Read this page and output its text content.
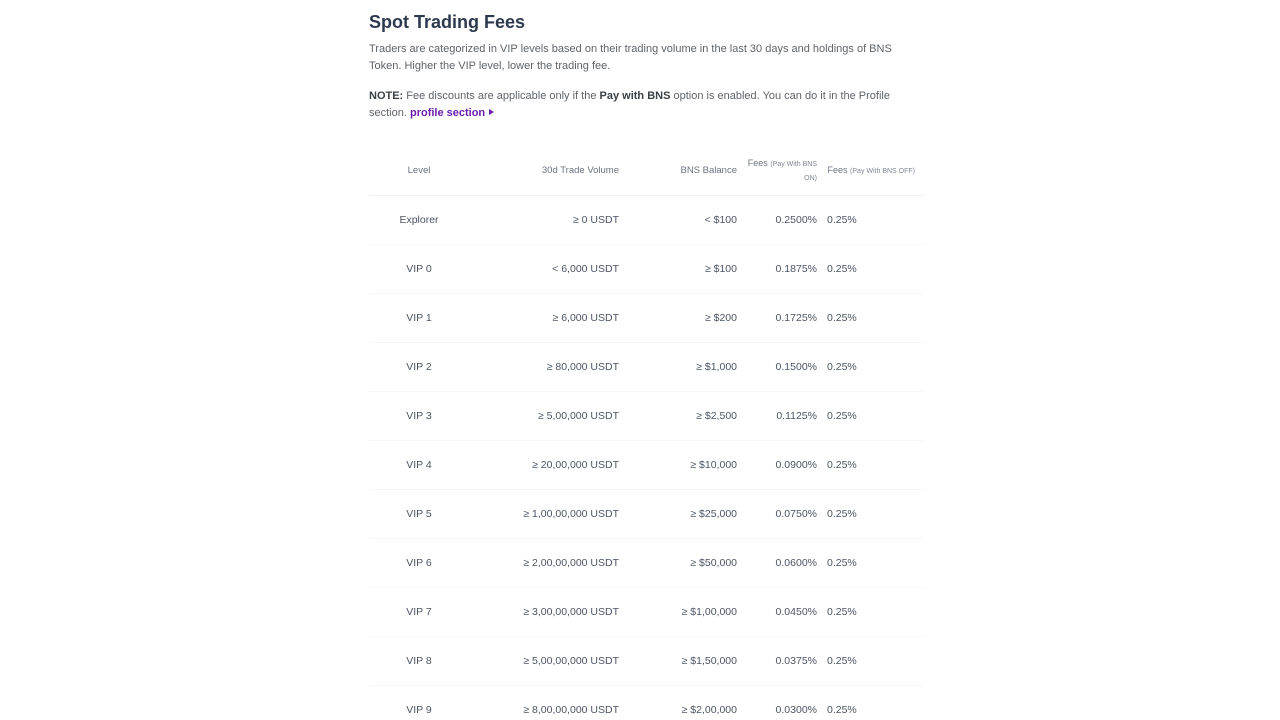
Spot Trading Fees
Traders are categorized in VIP levels based on their trading volume in the last 30 days and holdings of BNS Token. Higher the VIP level, lower the trading fee.
NOTE: Fee discounts are applicable only if the Pay with BNS option is enabled. You can do it in the Profile section. profile section
Level	30d Trade Volume	BNS Balance	Fees (Pay With BNS ON)	Fees (Pay With BNS OFF)
Explorer	≥ 0 USDT	< $100	0.2500%	0.25%
VIP 0	< 6,000 USDT	≥ $100	0.1875%	0.25%
VIP 1	≥ 6,000 USDT	≥ $200	0.1725%	0.25%
VIP 2	≥ 80,000 USDT	≥ $1,000	0.1500%	0.25%
VIP 3	≥ 5,00,000 USDT	≥ $2,500	0.1125%	0.25%
VIP 4	≥ 20,00,000 USDT	≥ $10,000	0.0900%	0.25%
VIP 5	≥ 1,00,00,000 USDT	≥ $25,000	0.0750%	0.25%
VIP 6	≥ 2,00,00,000 USDT	≥ $50,000	0.0600%	0.25%
VIP 7	≥ 3,00,00,000 USDT	≥ $1,00,000	0.0450%	0.25%
VIP 8	≥ 5,00,00,000 USDT	≥ $1,50,000	0.0375%	0.25%
VIP 9	≥ 8,00,00,000 USDT	≥ $2,00,000	0.0300%	0.25%
